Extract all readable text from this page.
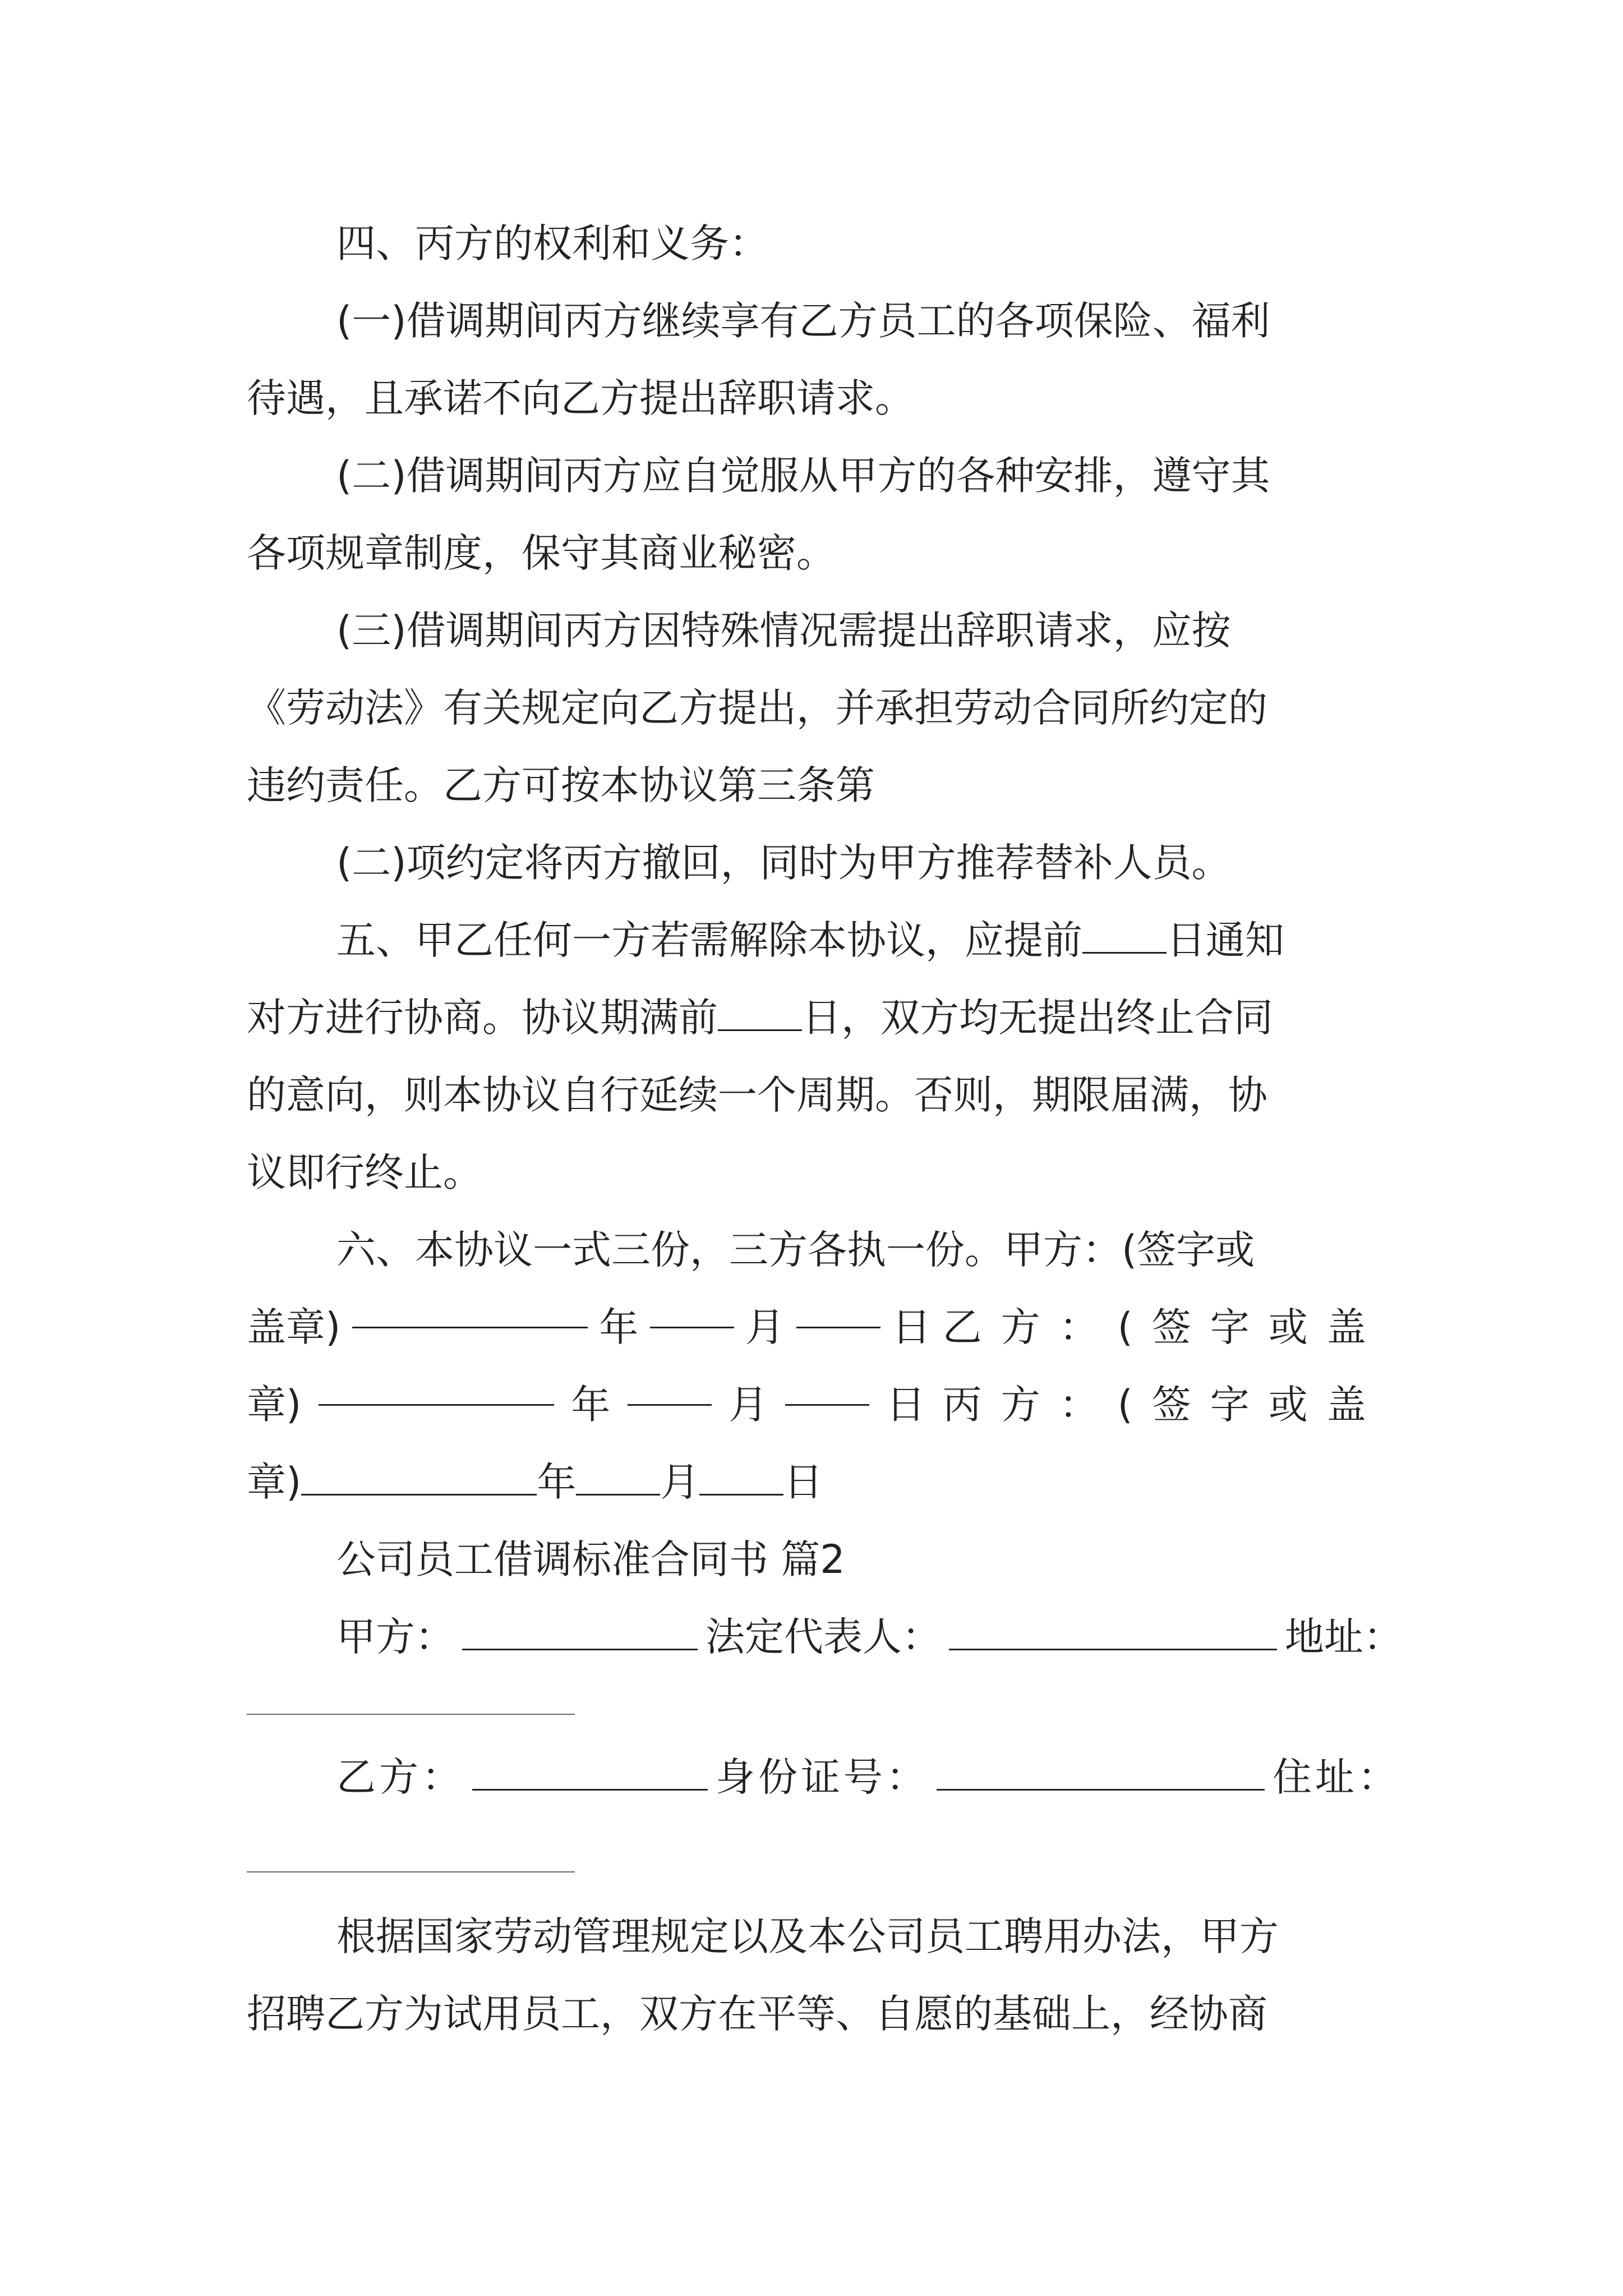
四、丙方的权利和义务：
(一)借调期间丙方继续享有乙方员工的各项保险、福利
待遇，且承诺不向乙方提出辞职请求。
(二)借调期间丙方应自觉服从甲方的各种安排，遵守其
各项规章制度，保守其商业秘密。
(三)借调期间丙方因特殊情况需提出辞职请求，应按
《劳动法》有关规定向乙方提出，并承担劳动合同所约定的
违约责任。乙方可按本协议第三条第
(二)项约定将丙方撤回，同时为甲方推荐替补人员。
五、甲乙任何一方若需解除本协议，应提前 日通知
对方进行协商。协议期满前 日，双方均无提出终止合同
的意向，则本协议自行延续一个周期。否则，期限届满，协
议即行终止。
六、本协议一式三份，三方各执一份。甲方：(签字或
盖章)	年	月	日 乙方：(签字或盖
章)	年	月	日 丙方：(签字或盖
章)	年 月 日
公司员工借调标准合同书 篇2
甲方：	法定代表人：	地址：
乙方：	身份证号：	住址：
根据国家劳动管理规定以及本公司员工聘用办法，甲方
招聘乙方为试用员工，双方在平等、自愿的基础上，经协商
